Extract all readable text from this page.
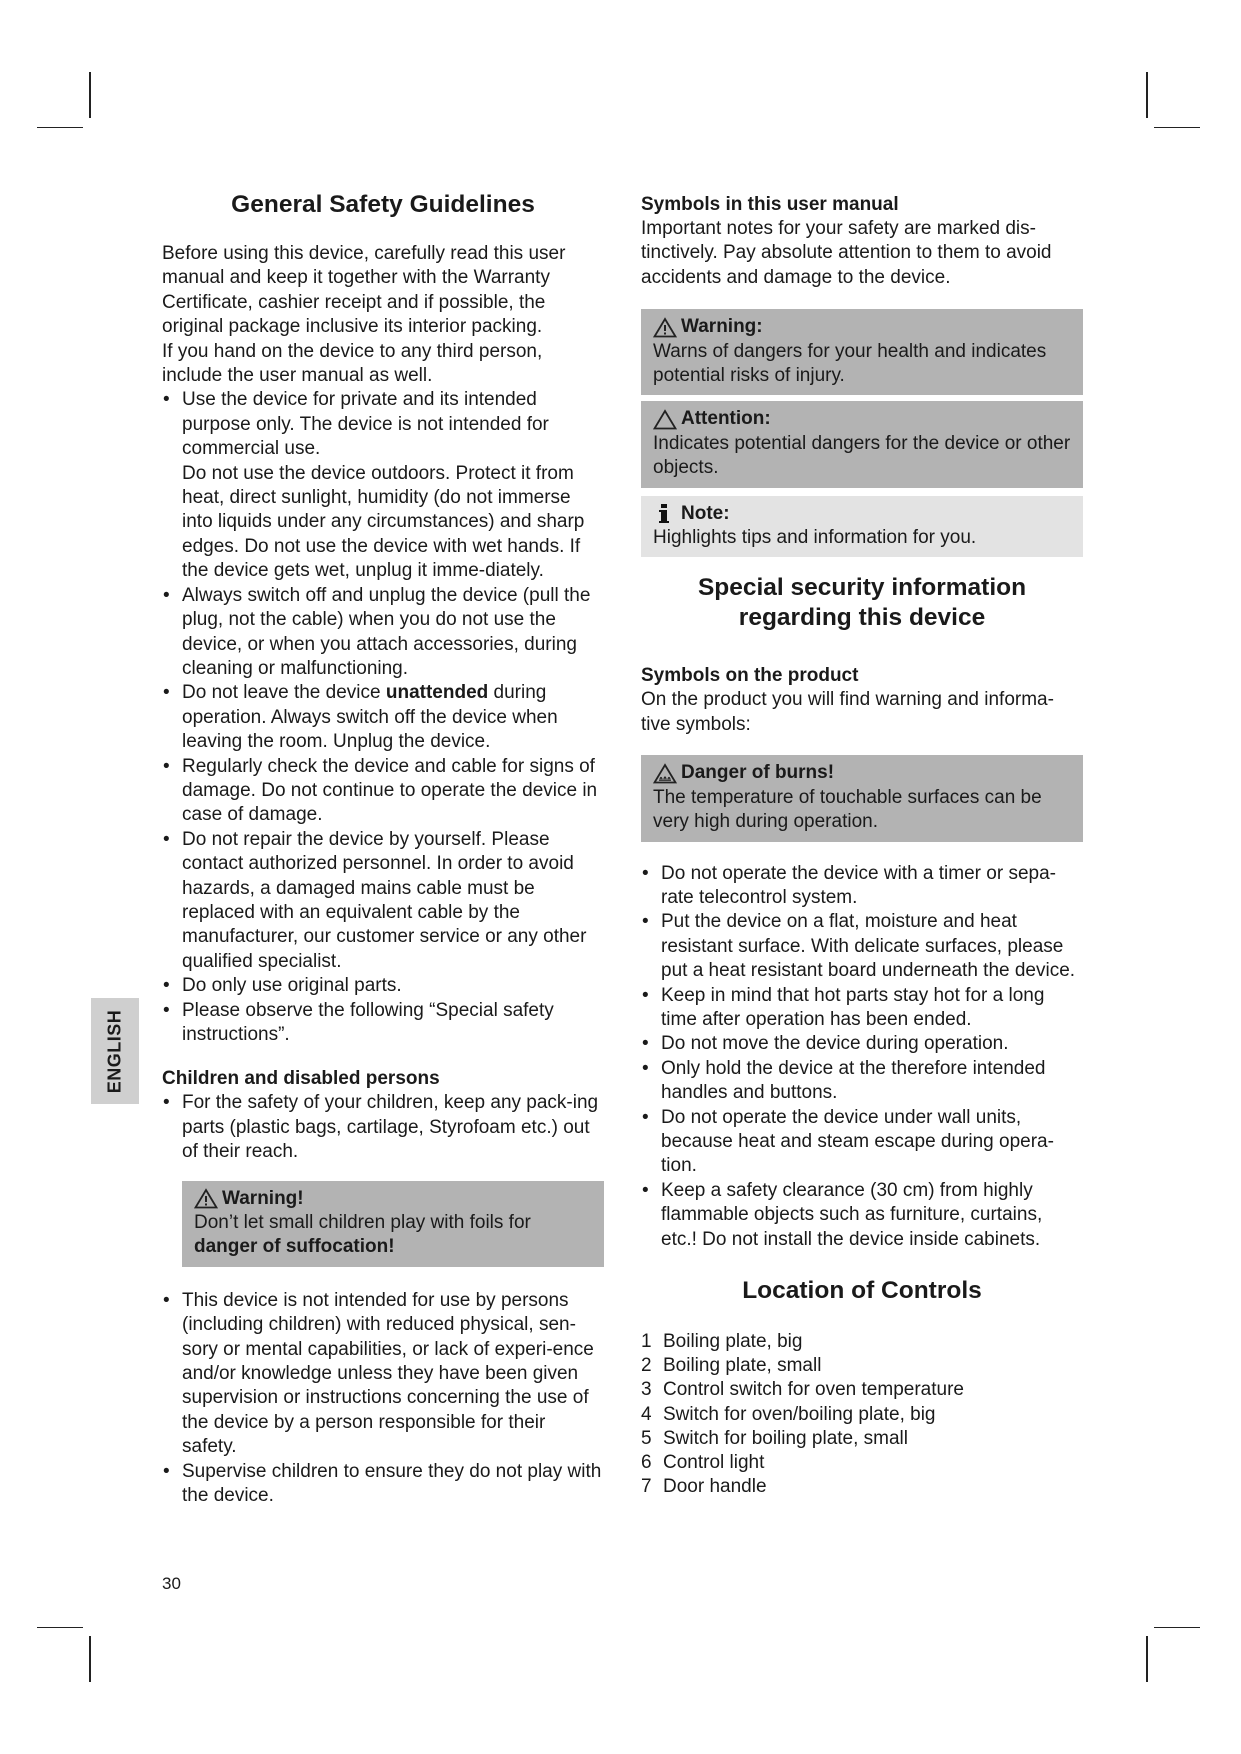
General Safety Guidelines

Before using this device, carefully read this user manual and keep it together with the Warranty Certificate, cashier receipt and if possible, the original package inclusive its interior packing.

If you hand on the device to any third person, include the user manual as well.

• Use the device for private and its intended purpose only. The device is not intended for commercial use.
Do not use the device outdoors. Protect it from heat, direct sunlight, humidity (do not immerse into liquids under any circumstances) and sharp edges. Do not use the device with wet hands. If the device gets wet, unplug it imme-diately.
• Always switch off and unplug the device (pull the plug, not the cable) when you do not use the device, or when you attach accessories, during cleaning or malfunctioning.
• Do not leave the device unattended during operation. Always switch off the device when leaving the room. Unplug the device.
• Regularly check the device and cable for signs of damage. Do not continue to operate the device in case of damage.
• Do not repair the device by yourself. Please contact authorized personnel. In order to avoid hazards, a damaged mains cable must be replaced with an equivalent cable by the manufacturer, our customer service or any other qualified specialist.
• Do only use original parts.
• Please observe the following “Special safety instructions”.
Children and disabled persons
• For the safety of your children, keep any pack-ing parts (plastic bags, cartilage, Styrofoam etc.) out of their reach.
Warning!
Don’t let small children play with foils for
danger of suffocation!
• This device is not intended for use by persons (including children) with reduced physical, sen-sory or mental capabilities, or lack of experi-ence and/or knowledge unless they have been given supervision or instructions concerning the use of the device by a person responsible for their safety.
• Supervise children to ensure they do not play with the device.
Symbols in this user manual

Important notes for your safety are marked dis-tinctively. Pay absolute attention to them to avoid accidents and damage to the device.

Warning:
Warns of dangers for your health and indicates potential risks of injury.
Attention:
Indicates potential dangers for the device or other objects.
Note:
Highlights tips and information for you.
Special security information
regarding this device
Symbols on the product

On the product you will find warning and informa-tive symbols:

Danger of burns!
The temperature of touchable surfaces can be very high during operation.
• Do not operate the device with a timer or sepa-rate telecontrol system.
• Put the device on a flat, moisture and heat resistant surface. With delicate surfaces, please put a heat resistant board underneath the device.
• Keep in mind that hot parts stay hot for a long time after operation has been ended.
• Do not move the device during operation.
• Only hold the device at the therefore intended handles and buttons.
• Do not operate the device under wall units, because heat and steam escape during opera-tion.
• Keep a safety clearance (30 cm) from highly flammable objects such as furniture, curtains, etc.! Do not install the device inside cabinets.
Location of Controls
1 Boiling plate, big
2 Boiling plate, small
3 Control switch for oven temperature
4 Switch for oven/boiling plate, big
5 Switch for boiling plate, small
6 Control light
7 Door handle
ENGLISH
30
